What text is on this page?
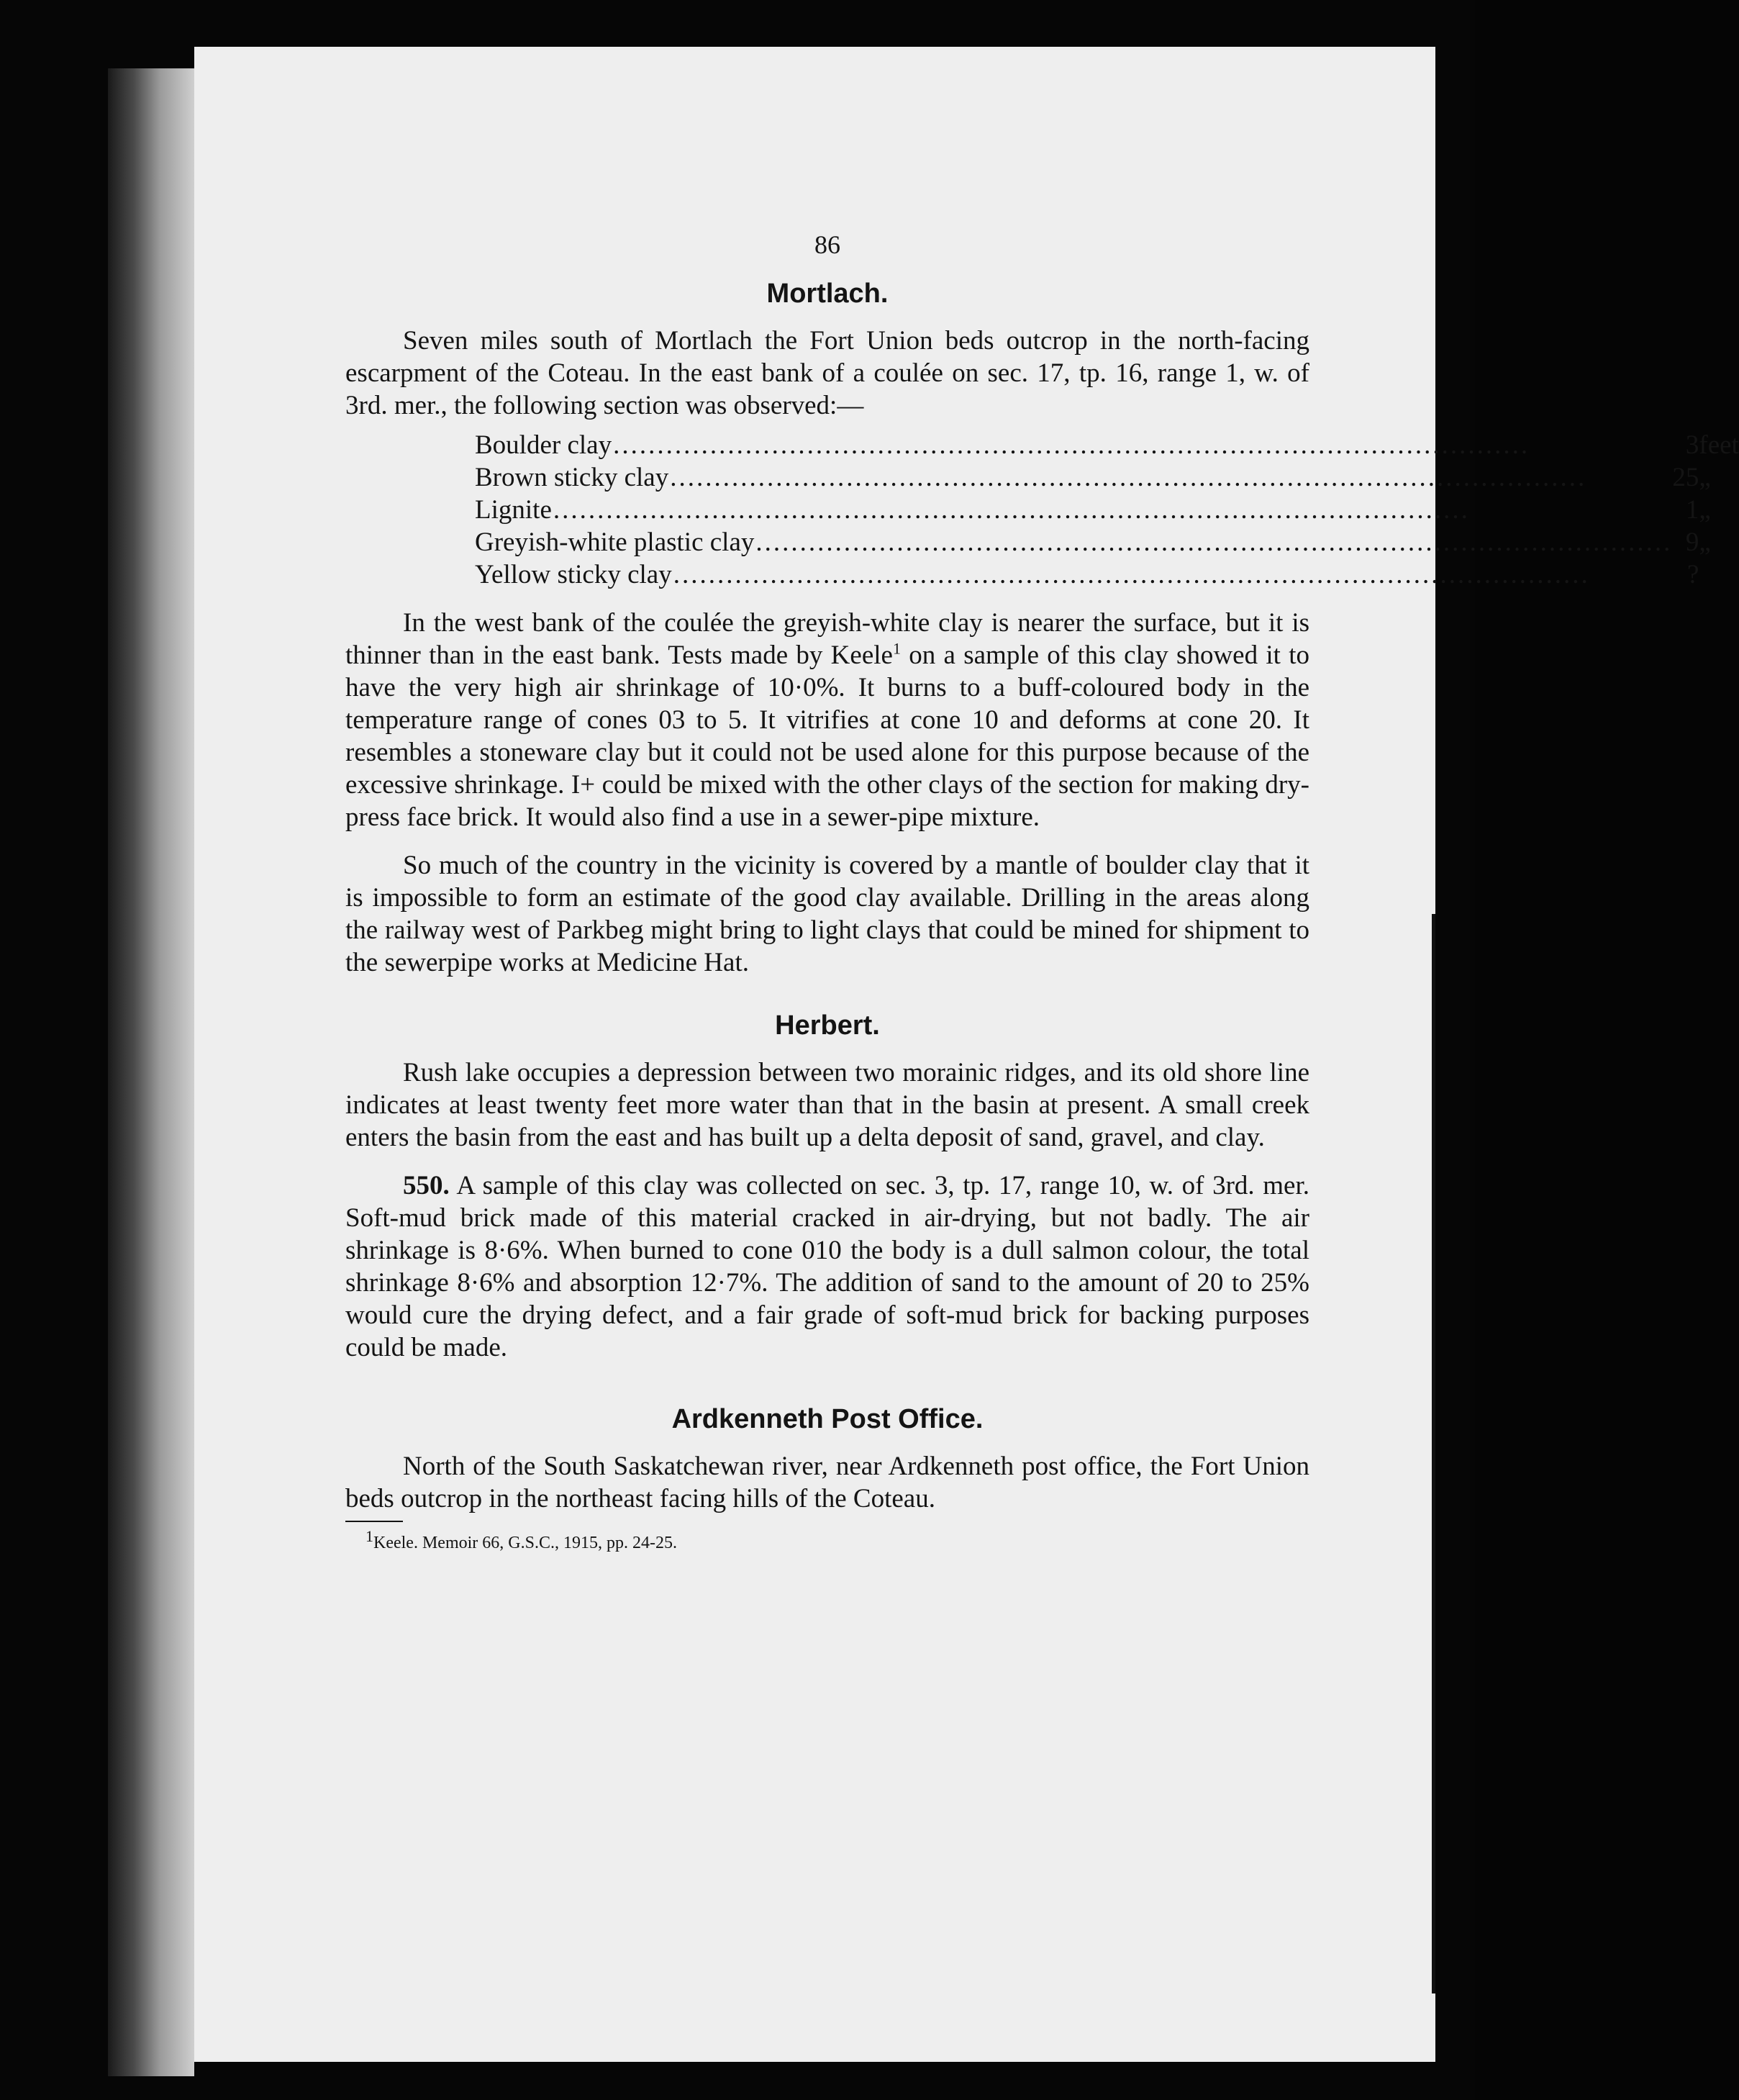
86
Mortlach.

Seven miles south of Mortlach the Fort Union beds outcrop in the north-facing escarpment of the Coteau. In the east bank of a coulée on sec. 17, tp. 16, range 1, w. of 3rd. mer., the following section was observed:—

Boulder clay
.....	3	feet

Brown sticky clay
.....	25	„

Lignite
.....	1	„

Greyish-white plastic clay
.....	9	„

Yellow sticky clay
.....	?	

In the west bank of the coulée the greyish-white clay is nearer the surface, but it is thinner than in the east bank. Tests made by Keele$^1$ on a sample of this clay showed it to have the very high air shrinkage of 10·0%. It burns to a buff-coloured body in the temperature range of cones 03 to 5. It vitrifies at cone 10 and deforms at cone 20. It resembles a stoneware clay but it could not be used alone for this purpose because of the excessive shrinkage. I+ could be mixed with the other clays of the section for making dry-press face brick. It would also find a use in a sewer-pipe mixture.

So much of the country in the vicinity is covered by a mantle of boulder clay that it is impossible to form an estimate of the good clay available. Drilling in the areas along the railway west of Parkbeg might bring to light clays that could be mined for shipment to the sewerpipe works at Medicine Hat.

Herbert.

Rush lake occupies a depression between two morainic ridges, and its old shore line indicates at least twenty feet more water than that in the basin at present. A small creek enters the basin from the east and has built up a delta deposit of sand, gravel, and clay.

550. A sample of this clay was collected on sec. 3, tp. 17, range 10, w. of 3rd. mer. Soft-mud brick made of this material cracked in air-drying, but not badly. The air shrinkage is 8·6%. When burned to cone 010 the body is a dull salmon colour, the total shrinkage 8·6% and absorption 12·7%. The addition of sand to the amount of 20 to 25% would cure the drying defect, and a fair grade of soft-mud brick for backing purposes could be made.

Ardkenneth Post Office.

North of the South Saskatchewan river, near Ardkenneth post office, the Fort Union beds outcrop in the northeast facing hills of the Coteau.

$^1$Keele. Memoir 66, G.S.C., 1915, pp. 24-25.
